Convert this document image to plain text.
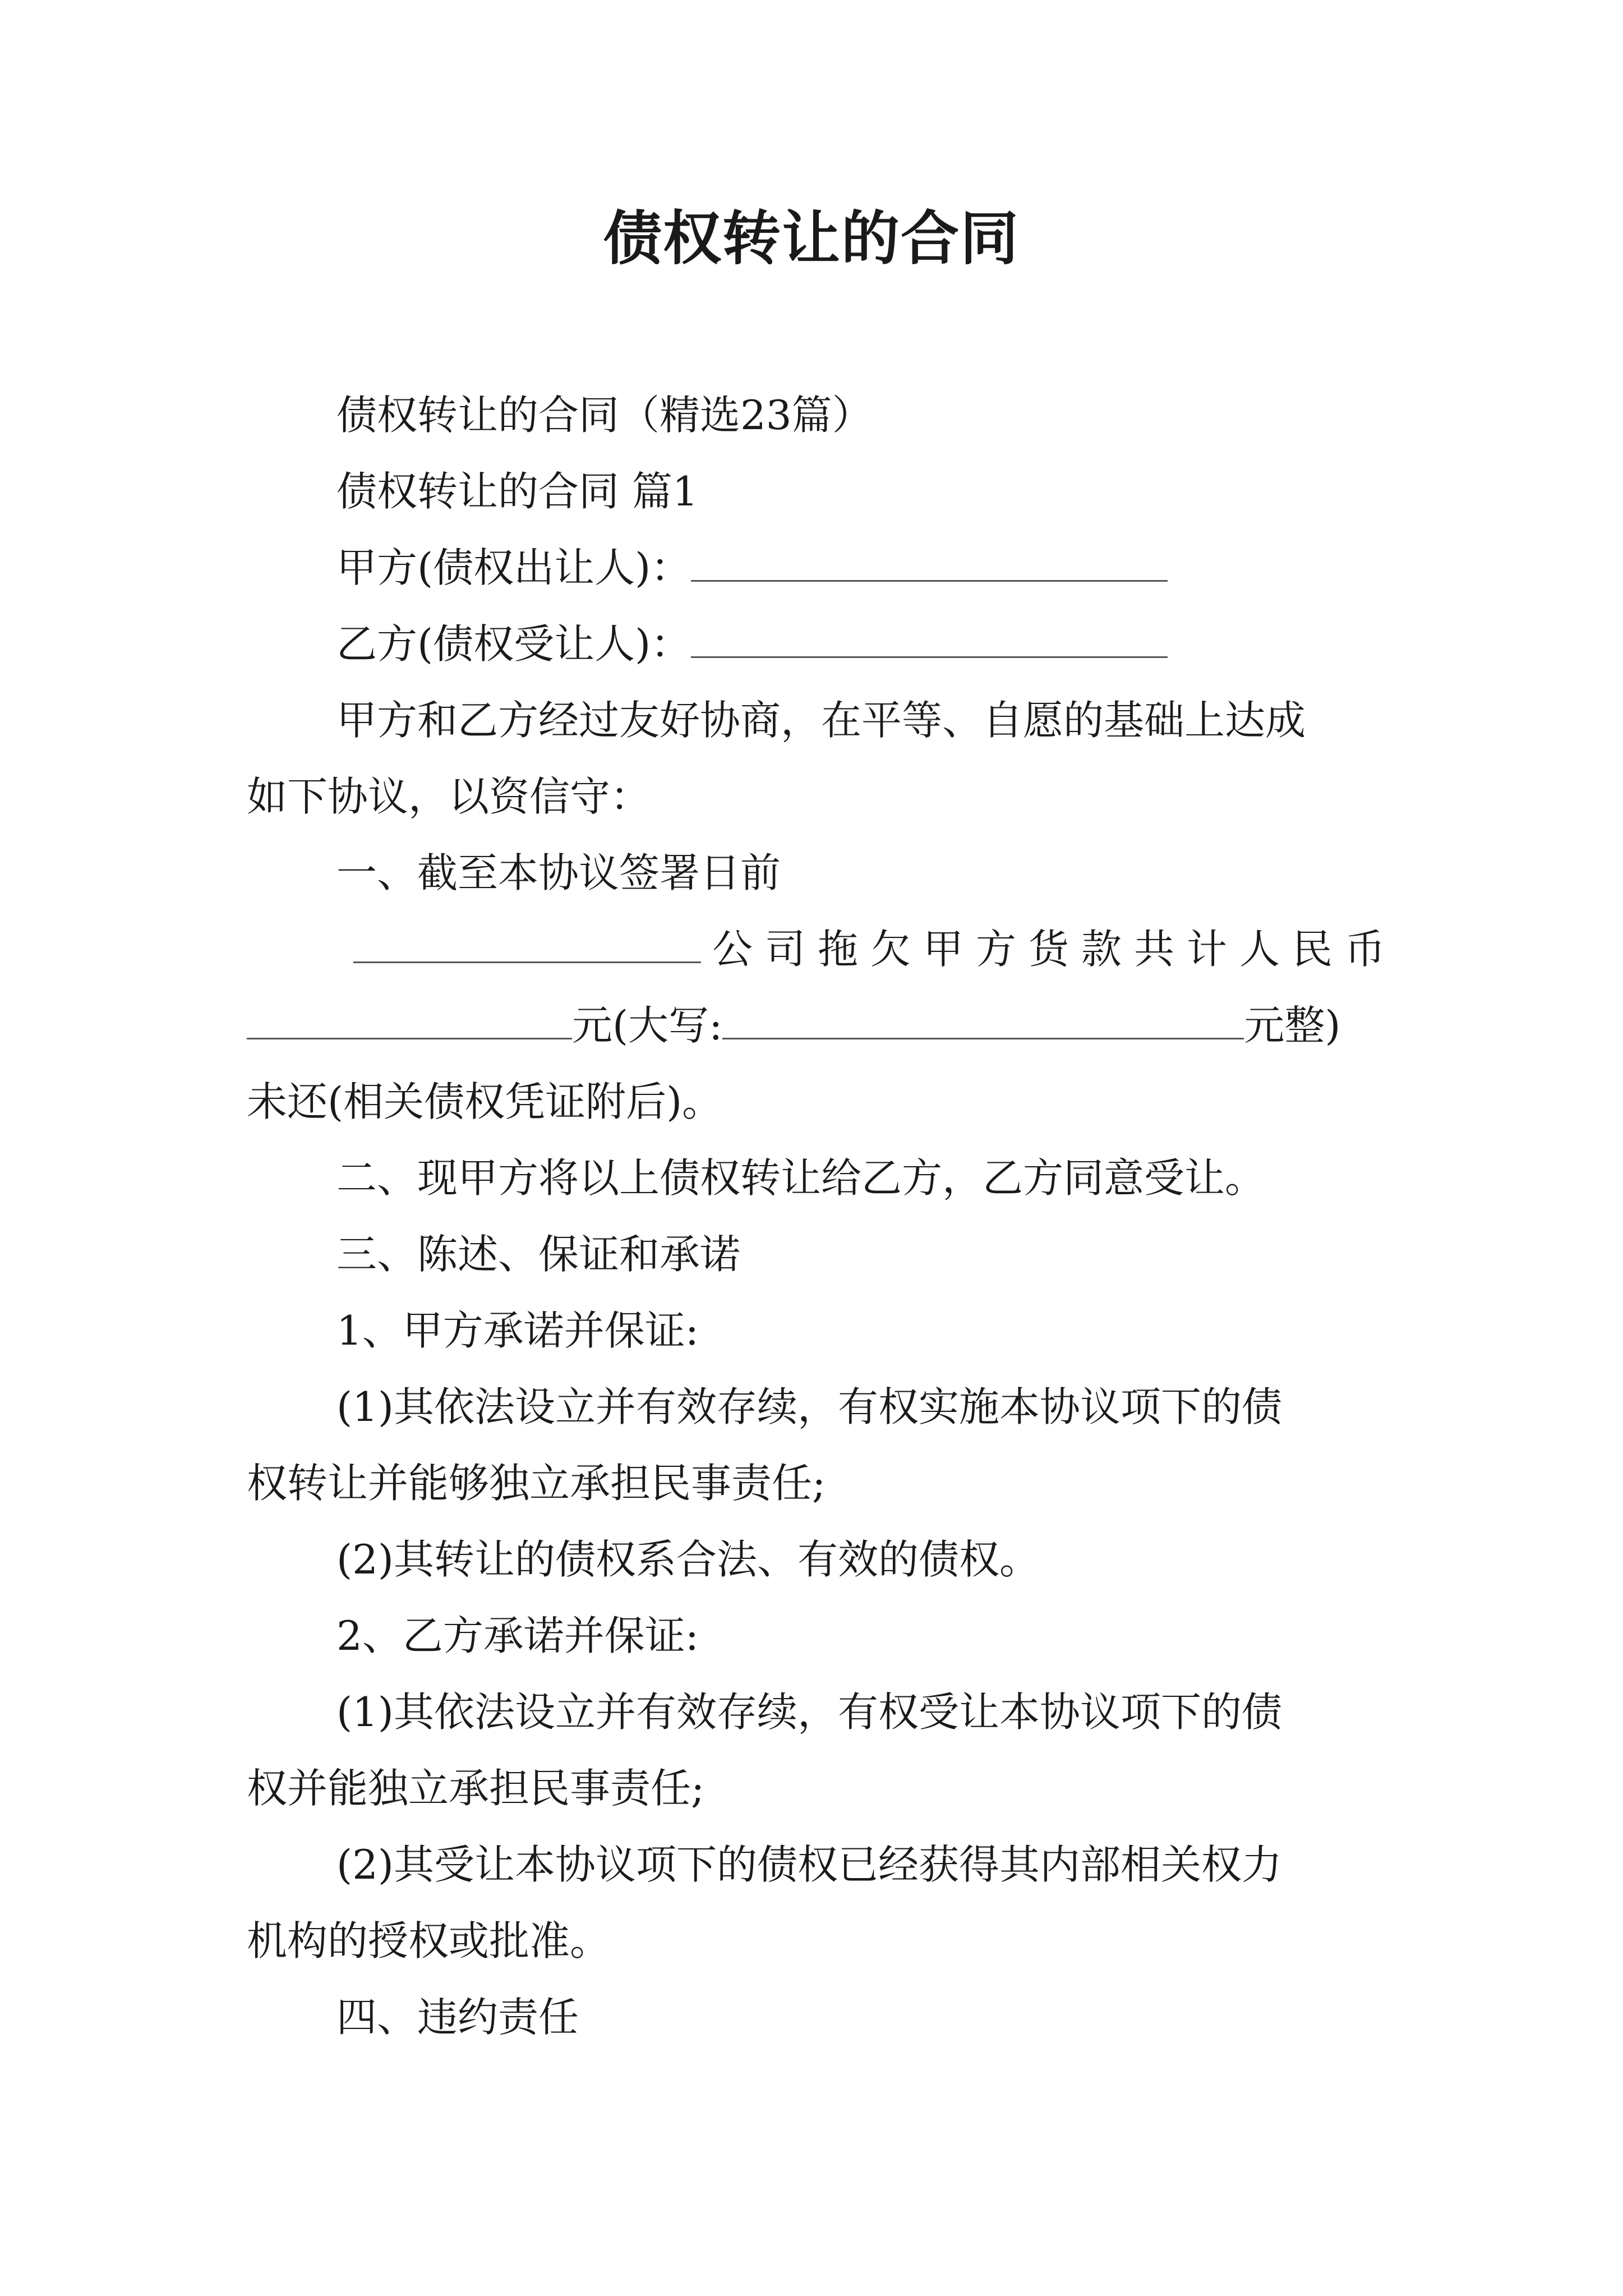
债权转让的合同
债权转让的合同（精选23篇）
债权转让的合同 篇1
甲方(债权出让人)：
乙方(债权受让人)：
甲方和乙方经过友好协商，在平等、自愿的基础上达成
如下协议，以资信守：
一、截至本协议签署日前
公司拖欠甲方货款共计人民币
元(大写:	元整)
未还(相关债权凭证附后)。
二、现甲方将以上债权转让给乙方，乙方同意受让。
三、陈述、保证和承诺
1、甲方承诺并保证:
(1)其依法设立并有效存续，有权实施本协议项下的债
权转让并能够独立承担民事责任;
(2)其转让的债权系合法、有效的债权。
2、乙方承诺并保证:
(1)其依法设立并有效存续，有权受让本协议项下的债
权并能独立承担民事责任;
(2)其受让本协议项下的债权已经获得其内部相关权力
机构的授权或批准。
四、违约责任
